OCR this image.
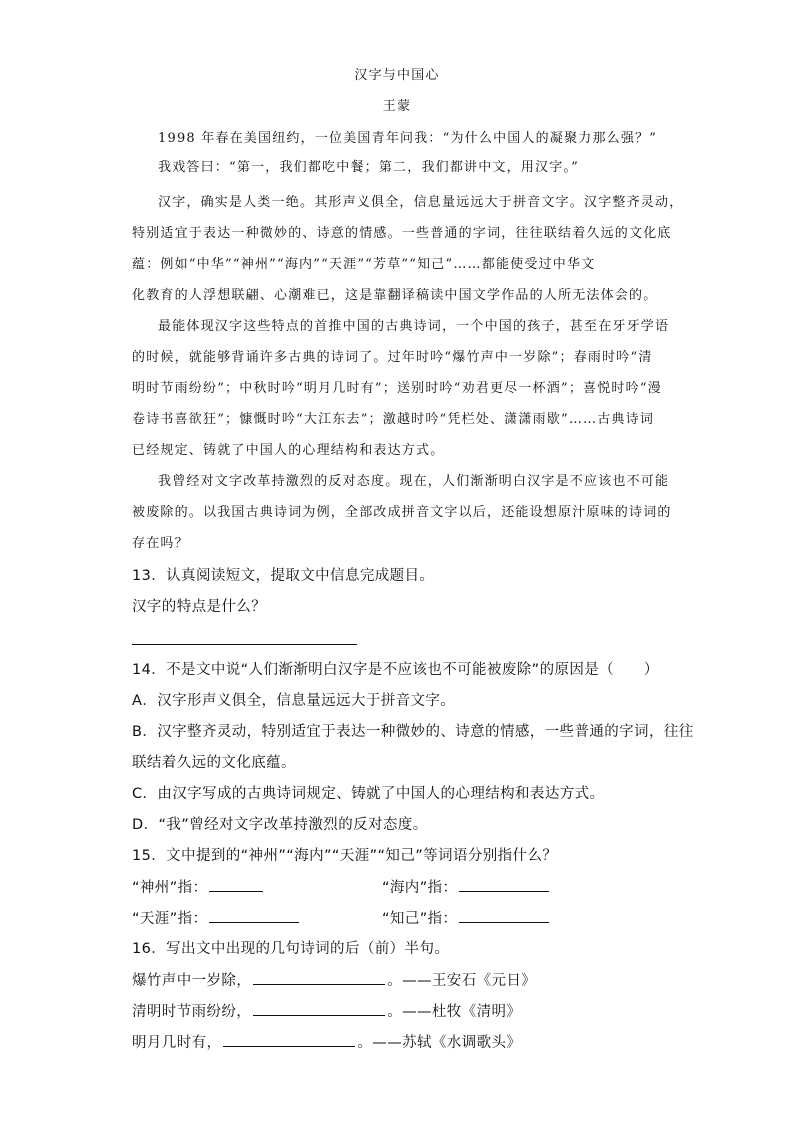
汉字与中国心
王蒙
1998 年春在美国纽约，一位美国青年问我：“为什么中国人的凝聚力那么强？”
我戏答曰：“第一，我们都吃中餐；第二，我们都讲中文，用汉字。”
汉字，确实是人类一绝。其形声义俱全，信息量远远大于拼音文字。汉字整齐灵动，
特别适宜于表达一种微妙的、诗意的情感。一些普通的字词，往往联结着久远的文化底
蕴：例如“中华”“神州”“海内”“天涯”“芳草”“知己”……都能使受过中华文
化教育的人浮想联翩、心潮难已，这是靠翻译稿读中国文学作品的人所无法体会的。
最能体现汉字这些特点的首推中国的古典诗词，一个中国的孩子，甚至在牙牙学语
的时候，就能够背诵许多古典的诗词了。过年时吟“爆竹声中一岁除”；春雨时吟“清
明时节雨纷纷”；中秋时吟“明月几时有”；送别时吟“劝君更尽一杯酒”；喜悦时吟“漫
卷诗书喜欲狂”；慷慨时吟“大江东去”；激越时吟“凭栏处、潇潇雨歇”……古典诗词
已经规定、铸就了中国人的心理结构和表达方式。
我曾经对文字改革持激烈的反对态度。现在，人们渐渐明白汉字是不应该也不可能
被废除的。以我国古典诗词为例，全部改成拼音文字以后，还能设想原汁原味的诗词的
存在吗？
13．认真阅读短文，提取文中信息完成题目。
汉字的特点是什么？
14．不是文中说“人们渐渐明白汉字是不应该也不可能被废除”的原因是（　　）
A．汉字形声义俱全，信息量远远大于拼音文字。
B．汉字整齐灵动，特别适宜于表达一种微妙的、诗意的情感，一些普通的字词，往往
联结着久远的文化底蕴。
C．由汉字写成的古典诗词规定、铸就了中国人的心理结构和表达方式。
D．“我”曾经对文字改革持激烈的反对态度。
15．文中提到的“神州”“海内”“天涯”“知己”等词语分别指什么？
“神州”指：	“海内”指：
“天涯”指：	“知己”指：
16．写出文中出现的几句诗词的后（前）半句。
爆竹声中一岁除，	。——王安石《元日》
清明时节雨纷纷，	。——杜牧《清明》
明月几时有，	。——苏轼《水调歌头》
